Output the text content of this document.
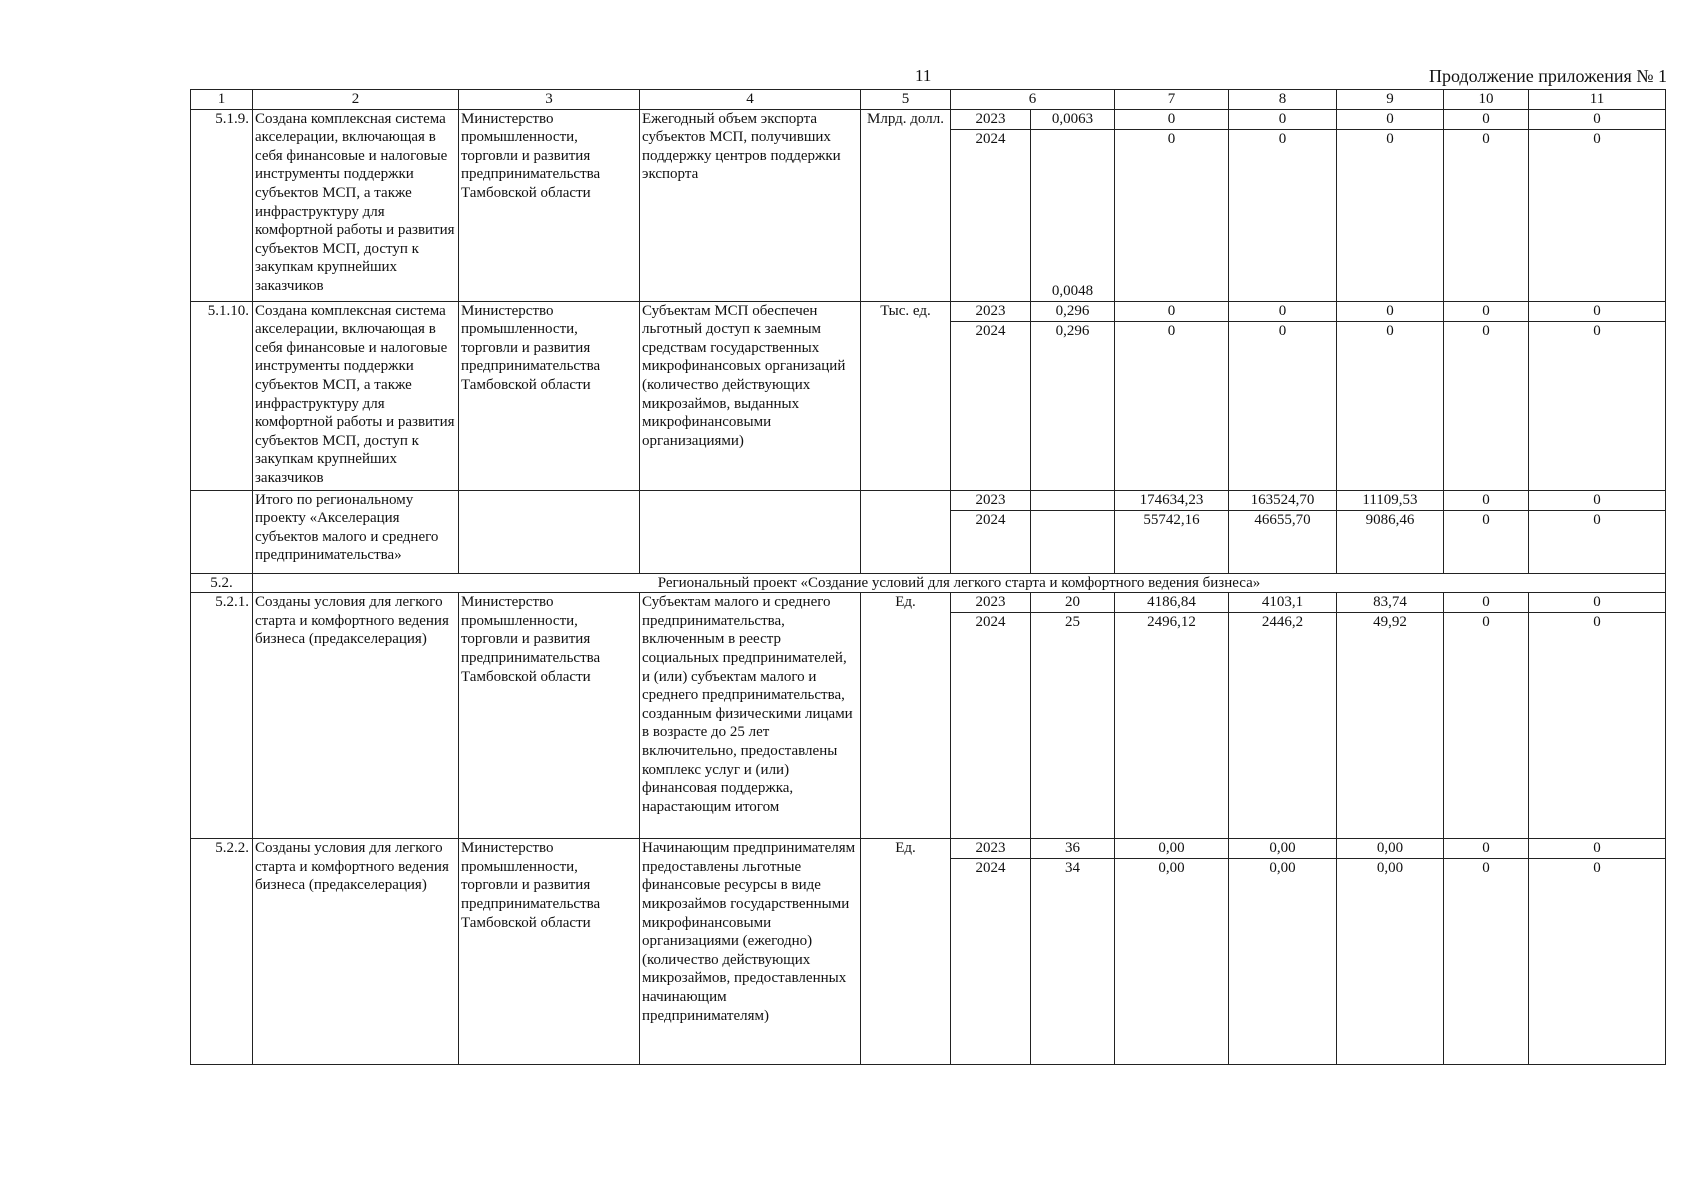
11	Продолжение приложения № 1
1	2	3	4	5	6		7	8	9	10	11
5.1.9.	Создана комплексная система акселерации, включающая в себя финансовые и налоговые инструменты поддержки субъектов МСП, а также инфраструктуру для комфортной работы и развития субъектов МСП, доступ к закупкам крупнейших заказчиков	Министерство промышленности, торговли и развития предпринимательства Тамбовской области	Ежегодный объем экспорта субъектов МСП, получивших поддержку центров поддержки экспорта	Млрд. долл.	2023	0,0063	0	0	0	0	0
					2024	0,0048	0	0	0	0	0
5.1.10.	Создана комплексная система акселерации, включающая в себя финансовые и налоговые инструменты поддержки субъектов МСП, а также инфраструктуру для комфортной работы и развития субъектов МСП, доступ к закупкам крупнейших заказчиков	Министерство промышленности, торговли и развития предпринимательства Тамбовской области	Субъектам МСП обеспечен льготный доступ к заемным средствам государственных микрофинансовых организаций (количество действующих микрозаймов, выданных микрофинансовыми организациями)	Тыс. ед.	2023	0,296	0	0	0	0	0
					2024	0,296	0	0	0	0	0
	Итого по региональному проекту «Акселерация субъектов малого и среднего предпринимательства»				2023		174634,23	163524,70	11109,53	0	0
					2024		55742,16	46655,70	9086,46	0	0
5.2.	Региональный проект «Создание условий для легкого старта и комфортного ведения бизнеса»										
5.2.1.	Созданы условия для легкого старта и комфортного ведения бизнеса (предакселерация)	Министерство промышленности, торговли и развития предпринимательства Тамбовской области	Субъектам малого и среднего предпринимательства, включенным в реестр социальных предпринимателей, и (или) субъектам малого и среднего предпринимательства, созданным физическими лицами в возрасте до 25 лет включительно, предоставлены комплекс услуг и (или) финансовая поддержка, нарастающим итогом	Ед.	2023	20	4186,84	4103,1	83,74	0	0
					2024	25	2496,12	2446,2	49,92	0	0
5.2.2.	Созданы условия для легкого старта и комфортного ведения бизнеса (предакселерация)	Министерство промышленности, торговли и развития предпринимательства Тамбовской области	Начинающим предпринимателям предоставлены льготные финансовые ресурсы в виде микрозаймов государственными микрофинансовыми организациями (ежегодно) (количество действующих микрозаймов, предоставленных начинающим предпринимателям)	Ед.	2023	36	0,00	0,00	0,00	0	0
					2024	34	0,00	0,00	0,00	0	0
